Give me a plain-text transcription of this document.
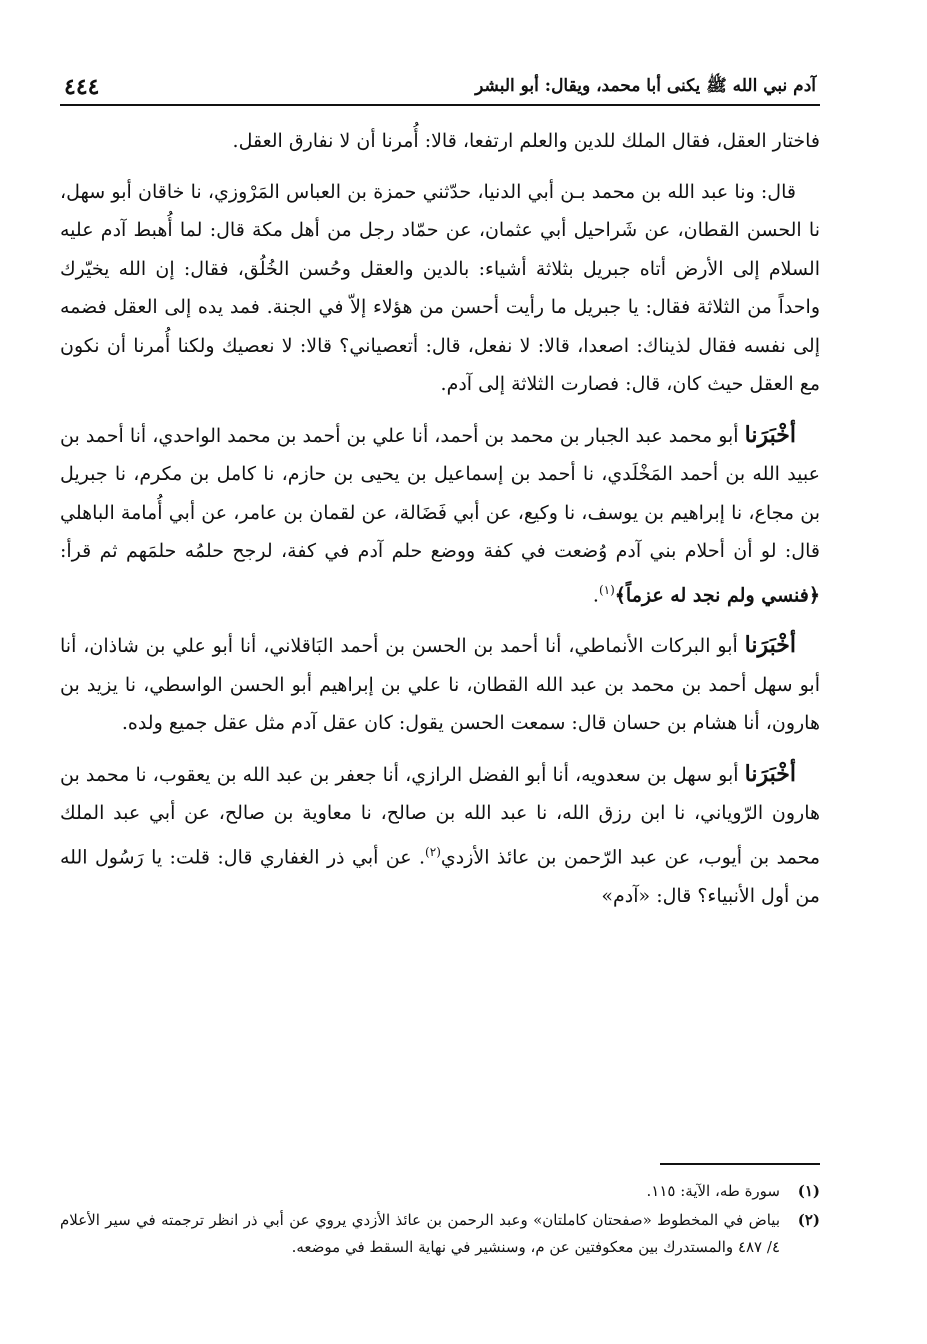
آدم نبي الله ﷺ يكنى أبا محمد، ويقال: أبو البشر
٤٤٤

فاختار العقل، فقال الملك للدين والعلم ارتفعا، قالا: أُمرنا أن لا نفارق العقل.

قال: ونا عبد الله بن محمد بـن أبي الدنيا، حدّثني حمزة بن العباس المَرْوزي، نا خاقان أبو سهل، نا الحسن القطان، عن شَراحيل أبي عثمان، عن حمّاد رجل من أهل مكة قال: لما أُهبط آدم عليه السلام إلى الأرض أتاه جبريل بثلاثة أشياء: بالدين والعقل وحُسن الخُلُق، فقال: إن الله يخيّرك واحداً من الثلاثة فقال: يا جبريل ما رأيت أحسن من هؤلاء إلاّ في الجنة. فمد يده إلى العقل فضمه إلى نفسه فقال لذيناك: اصعدا، قالا: لا نفعل، قال: أتعصياني؟ قالا: لا نعصيك ولكنا أُمرنا أن نكون مع العقل حيث كان، قال: فصارت الثلاثة إلى آدم.

أخْبَرَنا أبو محمد عبد الجبار بن محمد بن أحمد، أنا علي بن أحمد بن محمد الواحدي، أنا أحمد بن عبيد الله بن أحمد المَخْلَدي، نا أحمد بن إسماعيل بن يحيى بن حازم، نا كامل بن مكرم، نا جبريل بن مجاع، نا إبراهيم بن يوسف، نا وكيع، عن أبي فَضَالة، عن لقمان بن عامر، عن أبي أُمامة الباهلي قال: لو أن أحلام بني آدم وُضعت في كفة ووضع حلم آدم في كفة، لرجح حلمُه حلمَهم ثم قرأ: ﴿فنسي ولم نجد له عزماً﴾$^{(١)}$.

أخْبَرَنا أبو البركات الأنماطي، أنا أحمد بن الحسن بن أحمد البَاقلاني، أنا أبو علي بن شاذان، أنا أبو سهل أحمد بن محمد بن عبد الله القطان، نا علي بن إبراهيم أبو الحسن الواسطي، نا يزيد بن هارون، أنا هشام بن حسان قال: سمعت الحسن يقول: كان عقل آدم مثل عقل جميع ولده.

أخْبَرَنا أبو سهل بن سعدويه، أنا أبو الفضل الرازي، أنا جعفر بن عبد الله بن يعقوب، نا محمد بن هارون الرّوياني، نا ابن رزق الله، نا عبد الله بن صالح، نا معاوية بن صالح، عن أبي عبد الملك محمد بن أيوب، عن عبد الرّحمن بن عائذ الأزدي$^{(٢)}$. عن أبي ذر الغفاري قال: قلت: يا رَسُول الله من أول الأنبياء؟ قال: «آدم»

(١)
سورة طه، الآية: ١١٥.
(٢)
بياض في المخطوط «صفحتان كاملتان» وعبد الرحمن بن عائذ الأزدي يروي عن أبي ذر انظر ترجمته في سير الأعلام ٤/ ٤٨٧ والمستدرك بين معكوفتين عن م، وسنشير في نهاية السقط في موضعه.
